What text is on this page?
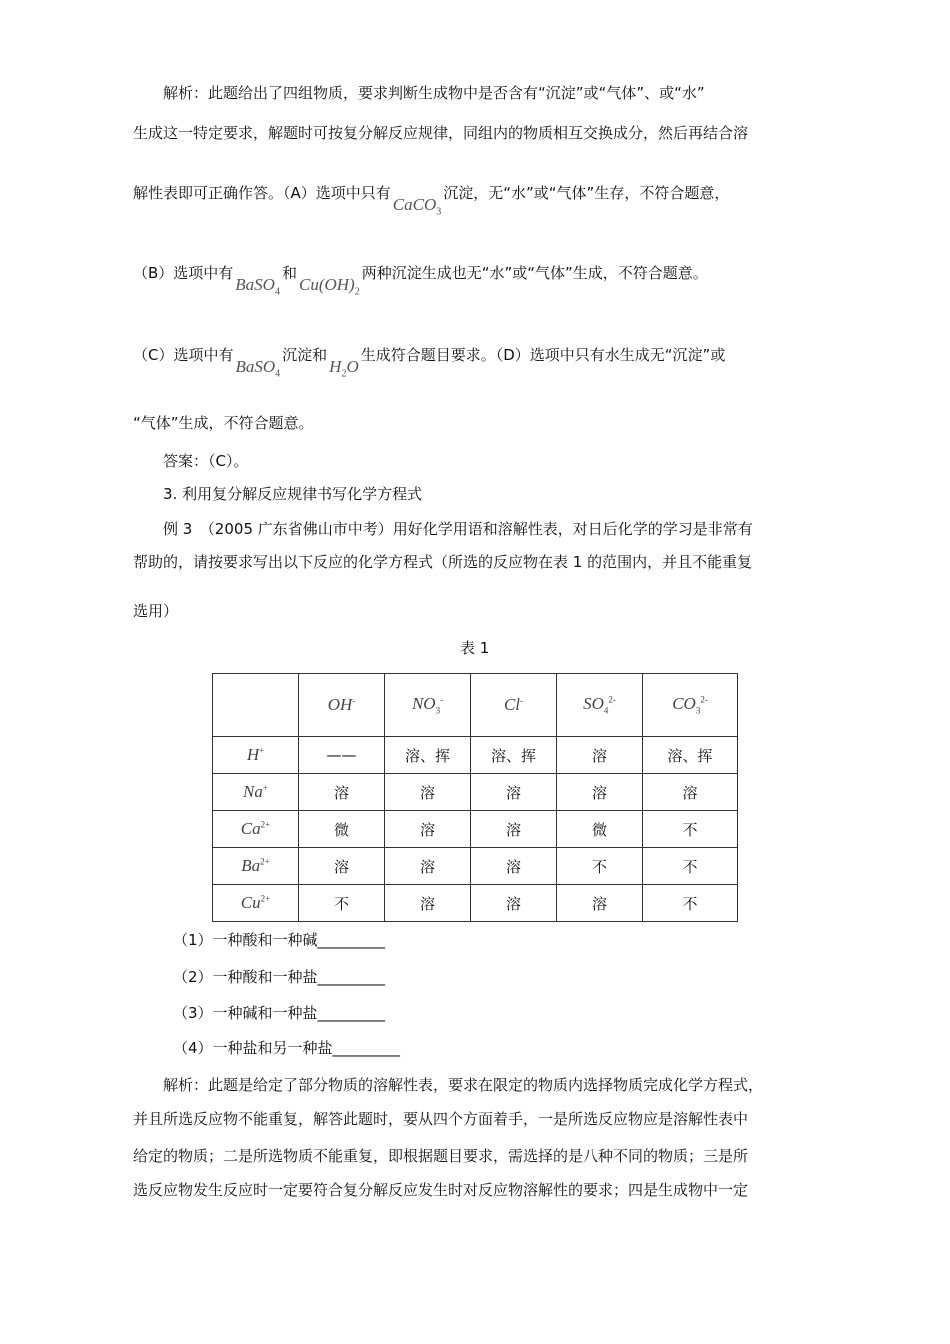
解析：此题给出了四组物质，要求判断生成物中是否含有“沉淀”或“气体”、或“水”
生成这一特定要求，解题时可按复分解反应规律，同组内的物质相互交换成分，然后再结合溶
解性表即可正确作答。（A）选项中只有CaCO$_3$沉淀，无“水”或“气体”生存，不符合题意，
（B）选项中有BaSO$_4$和$Cu(OH)_2$两种沉淀生成也无“水”或“气体”生成，不符合题意。
（C）选项中有BaSO$_4$沉淀和$H_2O$生成符合题目要求。（D）选项中只有水生成无“沉淀”或
“气体”生成，不符合题意。
答案：（C）。
3. 利用复分解反应规律书写化学方程式
例 3　（2005 广东省佛山市中考）用好化学用语和溶解性表，对日后化学的学习是非常有
帮助的，请按要求写出以下反应的化学方程式（所选的反应物在表 1 的范围内，并且不能重复
选用）
表 1
	OH-	$NO_3^-$	Cl-	$SO_4^{2-}$	$CO_3^{2-}$
H+	——	溶、挥	溶、挥	溶	溶、挥
Na+	溶	溶	溶	溶	溶
$Ca^{2+}$	微	溶	溶	微	不
$Ba^{2+}$	溶	溶	溶	不	不
$Cu^{2+}$	不	溶	溶	溶	不
（1）一种酸和一种碱_________
（2）一种酸和一种盐_________
（3）一种碱和一种盐_________
（4）一种盐和另一种盐_________
解析：此题是给定了部分物质的溶解性表，要求在限定的物质内选择物质完成化学方程式，
并且所选反应物不能重复，解答此题时，要从四个方面着手，一是所选反应物应是溶解性表中
给定的物质；二是所选物质不能重复，即根据题目要求，需选择的是八种不同的物质；三是所
选反应物发生反应时一定要符合复分解反应发生时对反应物溶解性的要求；四是生成物中一定
